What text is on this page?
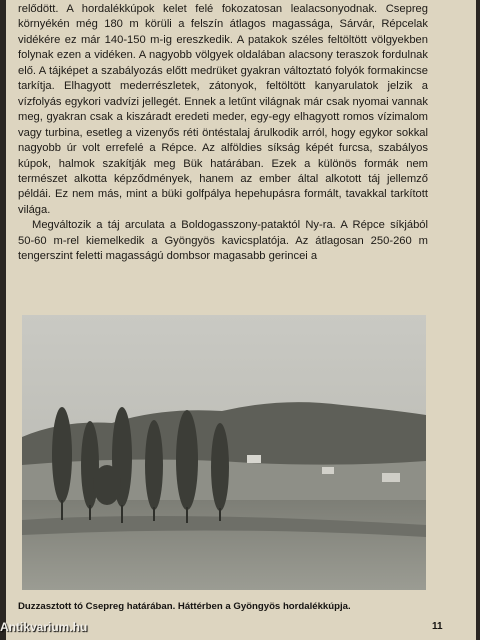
relődött. A hordalékkúpok kelet felé fokozatosan lealacsonyodnak. Csepreg környékén még 180 m körüli a felszín átlagos magassága, Sárvár, Répcelak vidékére ez már 140-150 m-ig ereszkedik. A patakok széles feltöltött völgyekben folynak ezen a vidéken. A nagyobb völgyek oldalában alacsony teraszok fordulnak elő. A tájképet a szabályozás előtt medrüket gyakran változtató folyók formakincse tarkítja. Elhagyott mederrészletek, zátonyok, feltöltött kanyarulatok jelzik a vízfolyás egykori vadvízi jellegét. Ennek a letűnt világnak már csak nyomai vannak meg, gyakran csak a kiszáradt eredeti meder, egy-egy elhagyott romos vízimalom vagy turbina, esetleg a vizenyős réti öntéstalaj árulkodik arról, hogy egykor sokkal nagyobb úr volt errefelé a Répce. Az alföldies síkság képét furcsa, szabályos kúpok, halmok szakítják meg Bük határában. Ezek a különös formák nem természet alkotta képződmények, hanem az ember által alkotott táj jellemző példái. Ez nem más, mint a büki golfpálya hepehupásra formált, tavakkal tarkított világa.

Megváltozik a táj arculata a Boldogasszony-pataktól Ny-ra. A Répce síkjából 50-60 m-rel kiemelkedik a Gyöngyös kavicsplatója. Az átlagosan 250-260 m tengerszint feletti magasságú dombsor magasabb gerincei a

Duzzasztott tó Csepreg határában. Háttérben a Gyöngyös hordalékkúpja.
11
Antikvarium.hu
